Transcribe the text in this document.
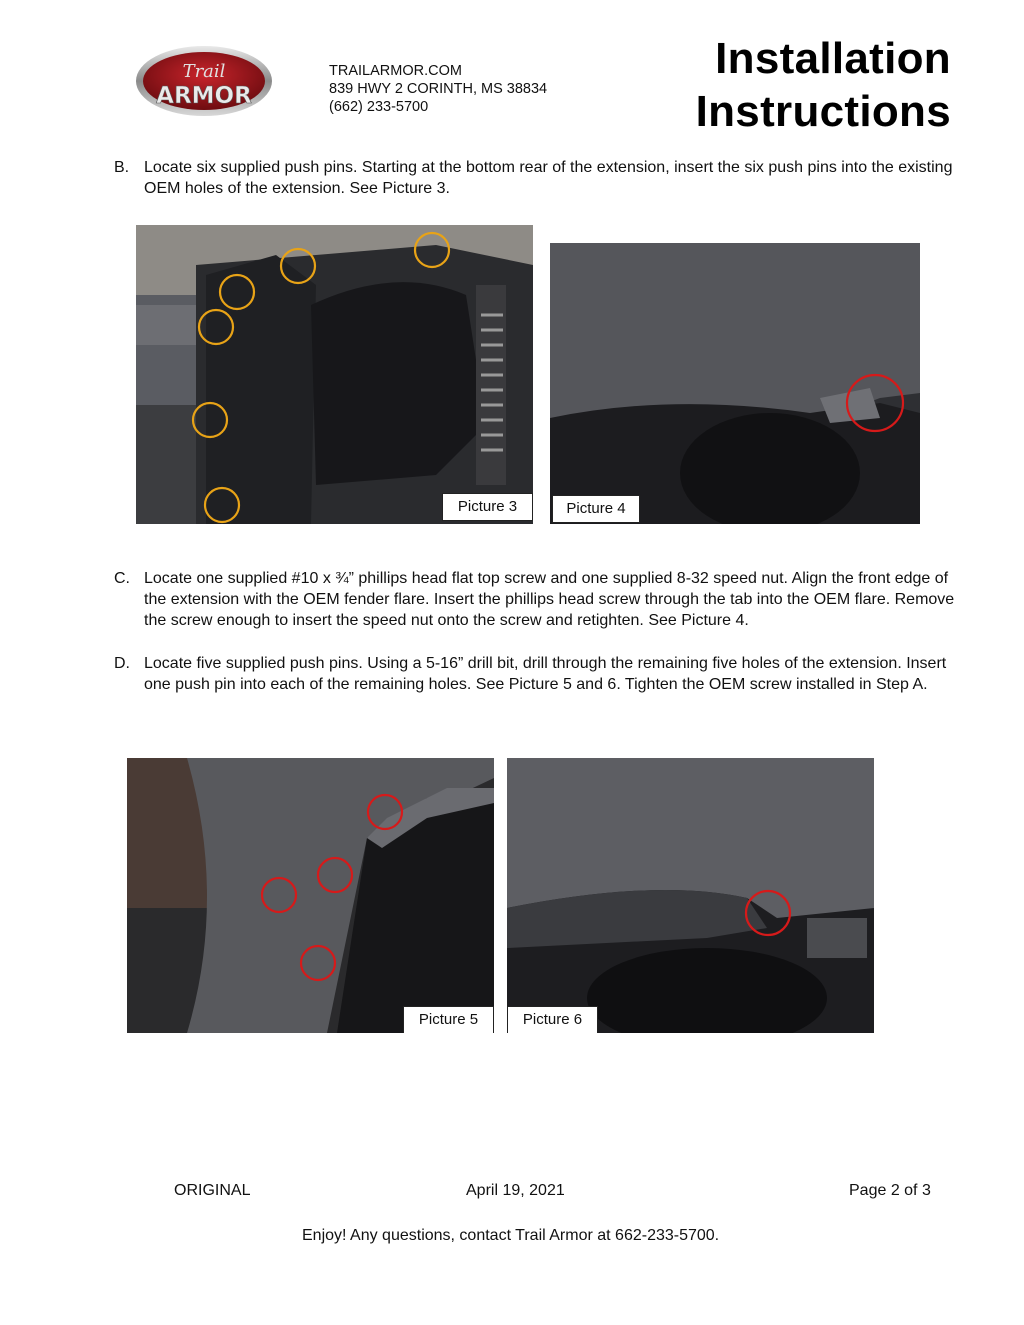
Trail
ARMOR
TRAILARMOR.COM
839 HWY 2 CORINTH, MS 38834
(662) 233-5700
Installation
Instructions
B. Locate six supplied push pins. Starting at the bottom rear of the extension, insert the six push pins into the existing OEM holes of the extension. See Picture 3.
Picture 3	Picture 4
C. Locate one supplied #10 x ¾” phillips head flat top screw and one supplied 8-32 speed nut. Align the front edge of the extension with the OEM fender flare. Insert the phillips head screw through the tab into the OEM flare. Remove the screw enough to insert the speed nut onto the screw and retighten. See Picture 4.
D. Locate five supplied push pins. Using a 5-16” drill bit, drill through the remaining five holes of the extension. Insert one push pin into each of the remaining holes. See Picture 5 and 6. Tighten the OEM screw installed in Step A.
Picture 5	Picture 6
ORIGINAL	April 19, 2021	Page 2 of 3
Enjoy! Any questions, contact Trail Armor at 662-233-5700.
